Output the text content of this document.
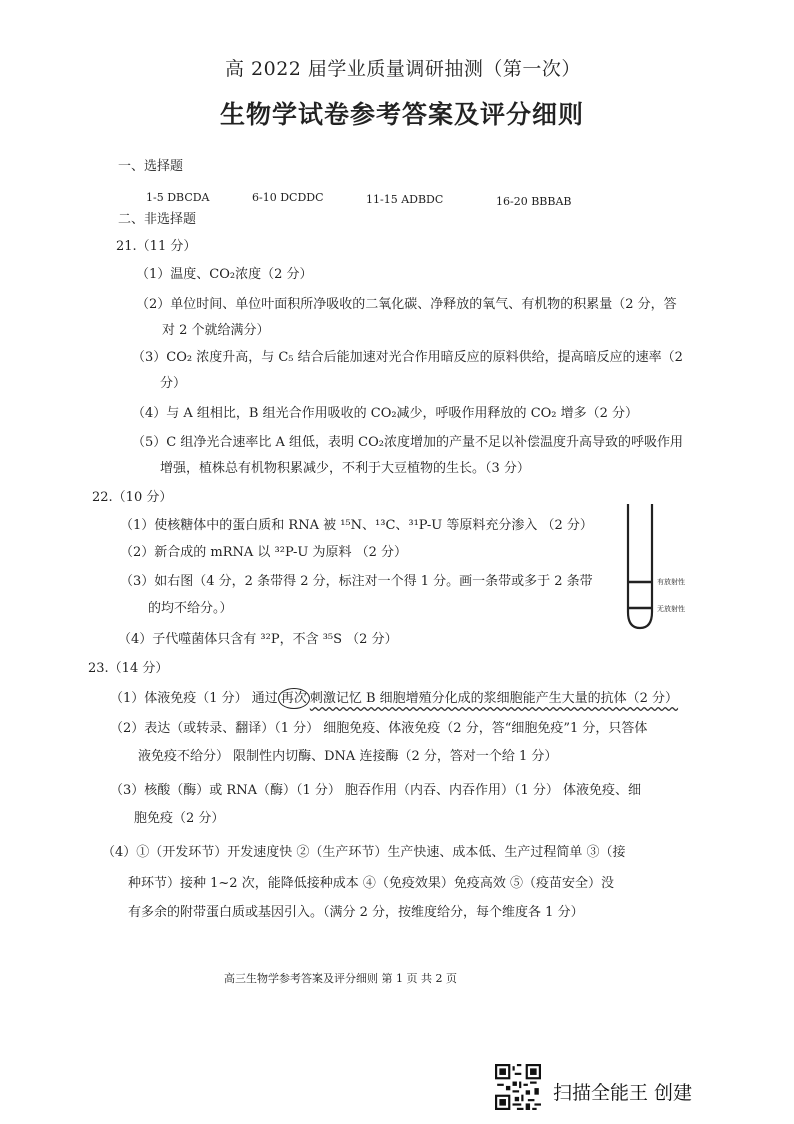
高 2022 届学业质量调研抽测（第一次）
生物学试卷参考答案及评分细则
一、选择题
1-5 DBCDA	6-10 DCDDC	11-15 ADBDC	16-20 BBBAB
二、非选择题
21.（11 分）
（1）温度、CO₂浓度（2 分）
（2）单位时间、单位叶面积所净吸收的二氧化碳、净释放的氧气、有机物的积累量（2 分，答
对 2 个就给满分）
（3）CO₂ 浓度升高，与 C₅ 结合后能加速对光合作用暗反应的原料供给，提高暗反应的速率（2
分）
（4）与 A 组相比，B 组光合作用吸收的 CO₂减少，呼吸作用释放的 CO₂ 增多（2 分）
（5）C 组净光合速率比 A 组低，表明 CO₂浓度增加的产量不足以补偿温度升高导致的呼吸作用
增强，植株总有机物积累减少，不利于大豆植物的生长。（3 分）
22.（10 分）
（1）使核糖体中的蛋白质和 RNA 被 ¹⁵N、¹³C、³¹P-U 等原料充分渗入 （2 分）
（2）新合成的 mRNA 以 ³²P-U 为原料 （2 分）
（3）如右图（4 分，2 条带得 2 分，标注对一个得 1 分。画一条带或多于 2 条带
的均不给分。）
（4）子代噬菌体只含有 ³²P，不含 ³⁵S （2 分）
有放射性
无放射性
23.（14 分）
（1）体液免疫（1 分） 通过 再次 刺激记忆 B 细胞增殖分化成的浆细胞能产生大量的抗体（2 分）
（2）表达（或转录、翻译）（1 分） 细胞免疫、体液免疫（2 分，答“细胞免疫”1 分，只答体
液免疫不给分） 限制性内切酶、DNA 连接酶（2 分，答对一个给 1 分）
（3）核酸（酶）或 RNA（酶）（1 分） 胞吞作用（内吞、内吞作用）（1 分） 体液免疫、细
胞免疫（2 分）
（4）①（开发环节）开发速度快 ②（生产环节）生产快速、成本低、生产过程简单 ③（接
种环节）接种 1~2 次，能降低接种成本 ④（免疫效果）免疫高效 ⑤（疫苗安全）没
有多余的附带蛋白质或基因引入。（满分 2 分，按维度给分，每个维度各 1 分）
高三生物学参考答案及评分细则 第 1 页 共 2 页
扫描全能王 创建
